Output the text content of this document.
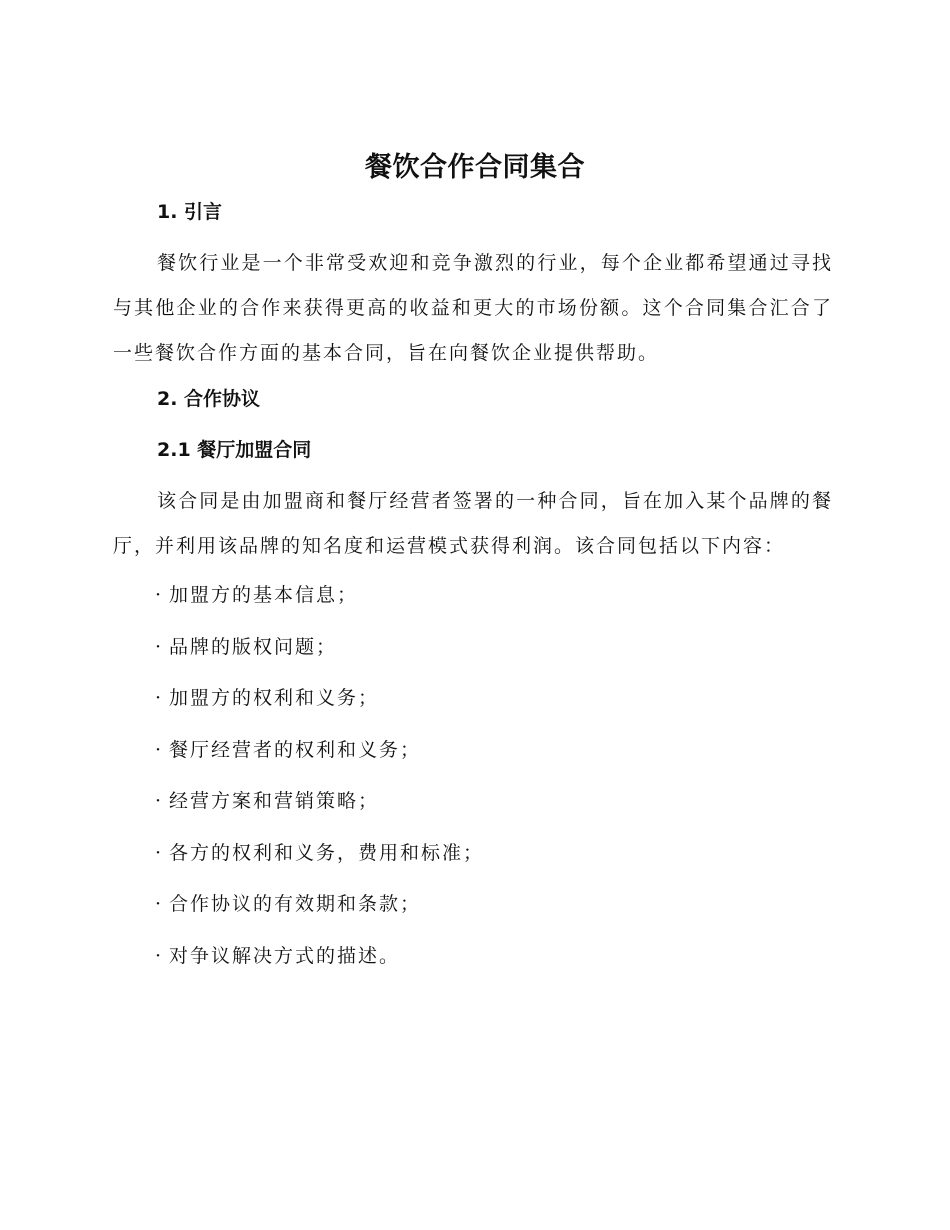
餐饮合作合同集合
1. 引言

餐饮行业是一个非常受欢迎和竞争激烈的行业，每个企业都希望通过寻找与其他企业的合作来获得更高的收益和更大的市场份额。这个合同集合汇合了一些餐饮合作方面的基本合同，旨在向餐饮企业提供帮助。

2. 合作协议
2.1 餐厅加盟合同

该合同是由加盟商和餐厅经营者签署的一种合同，旨在加入某个品牌的餐厅，并利用该品牌的知名度和运营模式获得利润。该合同包括以下内容：

· 加盟方的基本信息；
· 品牌的版权问题；
· 加盟方的权利和义务；
· 餐厅经营者的权利和义务；
· 经营方案和营销策略；
· 各方的权利和义务，费用和标准；
· 合作协议的有效期和条款；
· 对争议解决方式的描述。
